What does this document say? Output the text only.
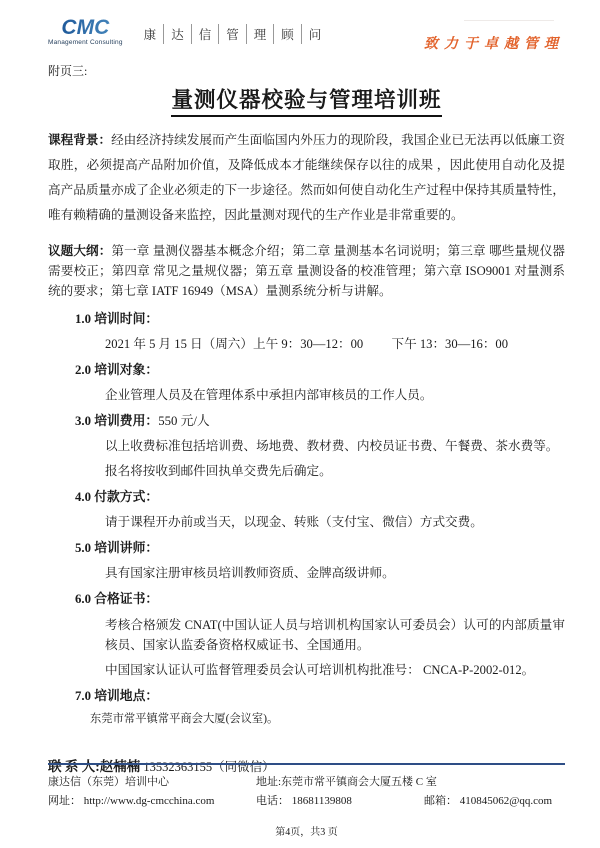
CMC
Management Consulting
康	达	信	管	理	顾	问
致力于卓越管理
附页三:
量测仪器校验与管理培训班

课程背景：经由经济持续发展而产生面临国内外压力的现阶段，我国企业已无法再以低廉工资取胜，必须提高产品附加价值，及降低成本才能继续保存以往的成果 ，因此使用自动化及提高产品质量亦成了企业必须走的下一步途径。然而如何使自动化生产过程中保持其质量特性，唯有赖精确的量测设备来监控，因此量测对现代的生产作业是非常重要的。

议题大纲：第一章 量测仪器基本概念介绍；第二章 量测基本名词说明；第三章 哪些量规仪器需要校正；第四章 常见之量规仪器；第五章 量测设备的校准管理；第六章 ISO9001 对量测系统的要求；第七章 IATF 16949（MSA）量测系统分析与讲解。

1.0 培训时间：

2021 年 5 月 15 日（周六）上午 9：30—12：00　　 下午 13：30—16：00

2.0 培训对象：

企业管理人员及在管理体系中承担内部审核员的工作人员。

3.0 培训费用：550 元/人

以上收费标准包括培训费、场地费、教材费、内校员证书费、午餐费、茶水费等。

报名将按收到邮件回执单交费先后确定。

4.0 付款方式：

请于课程开办前或当天，以现金、转账（支付宝、微信）方式交费。

5.0 培训讲师：

具有国家注册审核员培训教师资质、金牌高级讲师。

6.0 合格证书：

考核合格颁发 CNAT(中国认证人员与培训机构国家认可委员会）认可的内部质量审核员、国家认监委备资格权威证书、全国通用。

中国国家认证认可监督管理委员会认可培训机构批准号： CNCA-P-2002-012。

7.0 培训地点：

东莞市常平镇常平商会大厦(会议室)。

联 系 人:赵楠楠 13532363155（同微信）

康达信（东莞）培训中心	地址:东莞市常平镇商会大厦五楼 C 室
网址： http://www.dg-cmcchina.com	电话： 18681139808	邮箱： 410845062@qq.com
第4页，共3 页
